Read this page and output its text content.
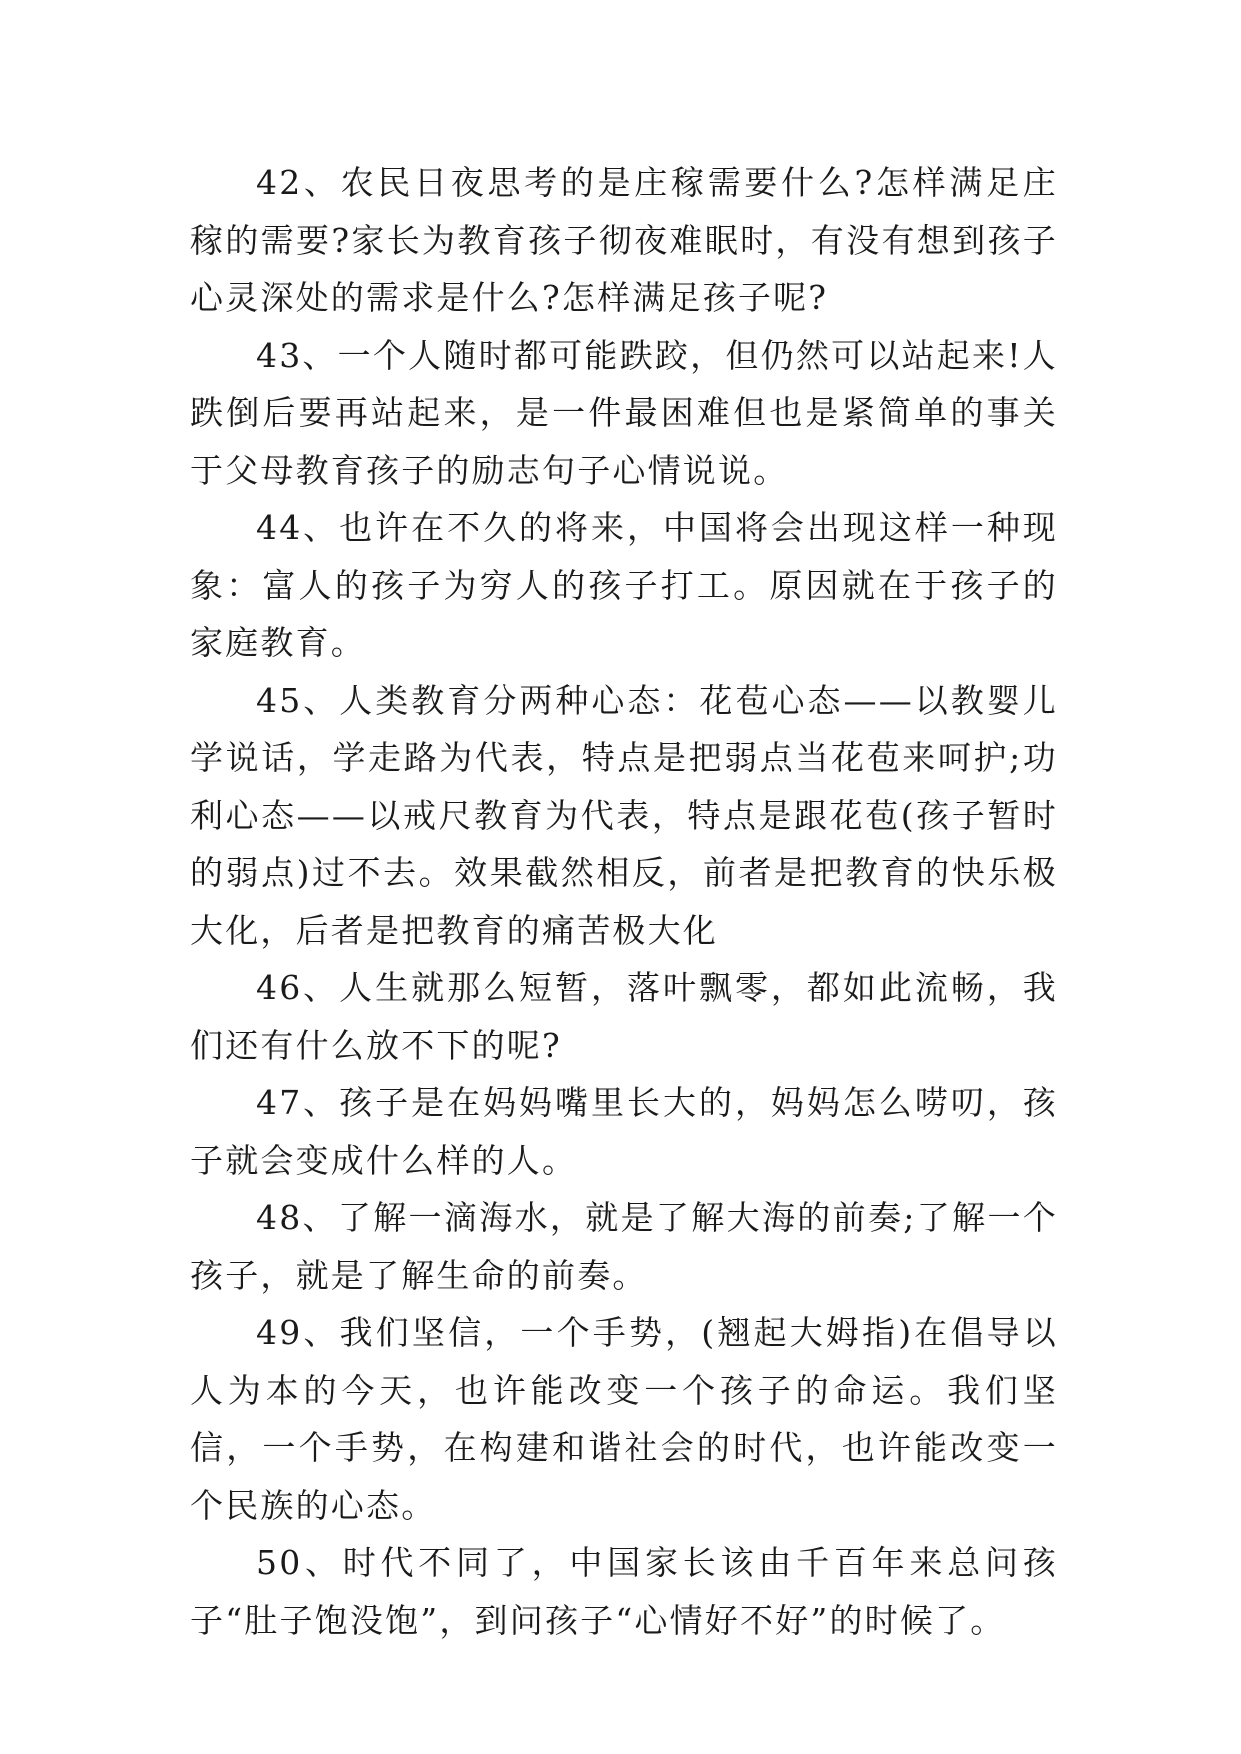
42、农民日夜思考的是庄稼需要什么?怎样满足庄稼的需要?家长为教育孩子彻夜难眠时，有没有想到孩子心灵深处的需求是什么?怎样满足孩子呢?

43、一个人随时都可能跌跤，但仍然可以站起来!人跌倒后要再站起来，是一件最困难但也是紧简单的事关于父母教育孩子的励志句子心情说说。

44、也许在不久的将来，中国将会出现这样一种现象：富人的孩子为穷人的孩子打工。原因就在于孩子的家庭教育。

45、人类教育分两种心态：花苞心态——以教婴儿学说话，学走路为代表，特点是把弱点当花苞来呵护;功利心态——以戒尺教育为代表，特点是跟花苞(孩子暂时的弱点)过不去。效果截然相反，前者是把教育的快乐极大化，后者是把教育的痛苦极大化

46、人生就那么短暂，落叶飘零，都如此流畅，我们还有什么放不下的呢?

47、孩子是在妈妈嘴里长大的，妈妈怎么唠叨，孩子就会变成什么样的人。

48、了解一滴海水，就是了解大海的前奏;了解一个孩子，就是了解生命的前奏。

49、我们坚信，一个手势，(翘起大姆指)在倡导以人为本的今天，也许能改变一个孩子的命运。我们坚信，一个手势，在构建和谐社会的时代，也许能改变一个民族的心态。

50、时代不同了，中国家长该由千百年来总问孩子“肚子饱没饱”，到问孩子“心情好不好”的时候了。
